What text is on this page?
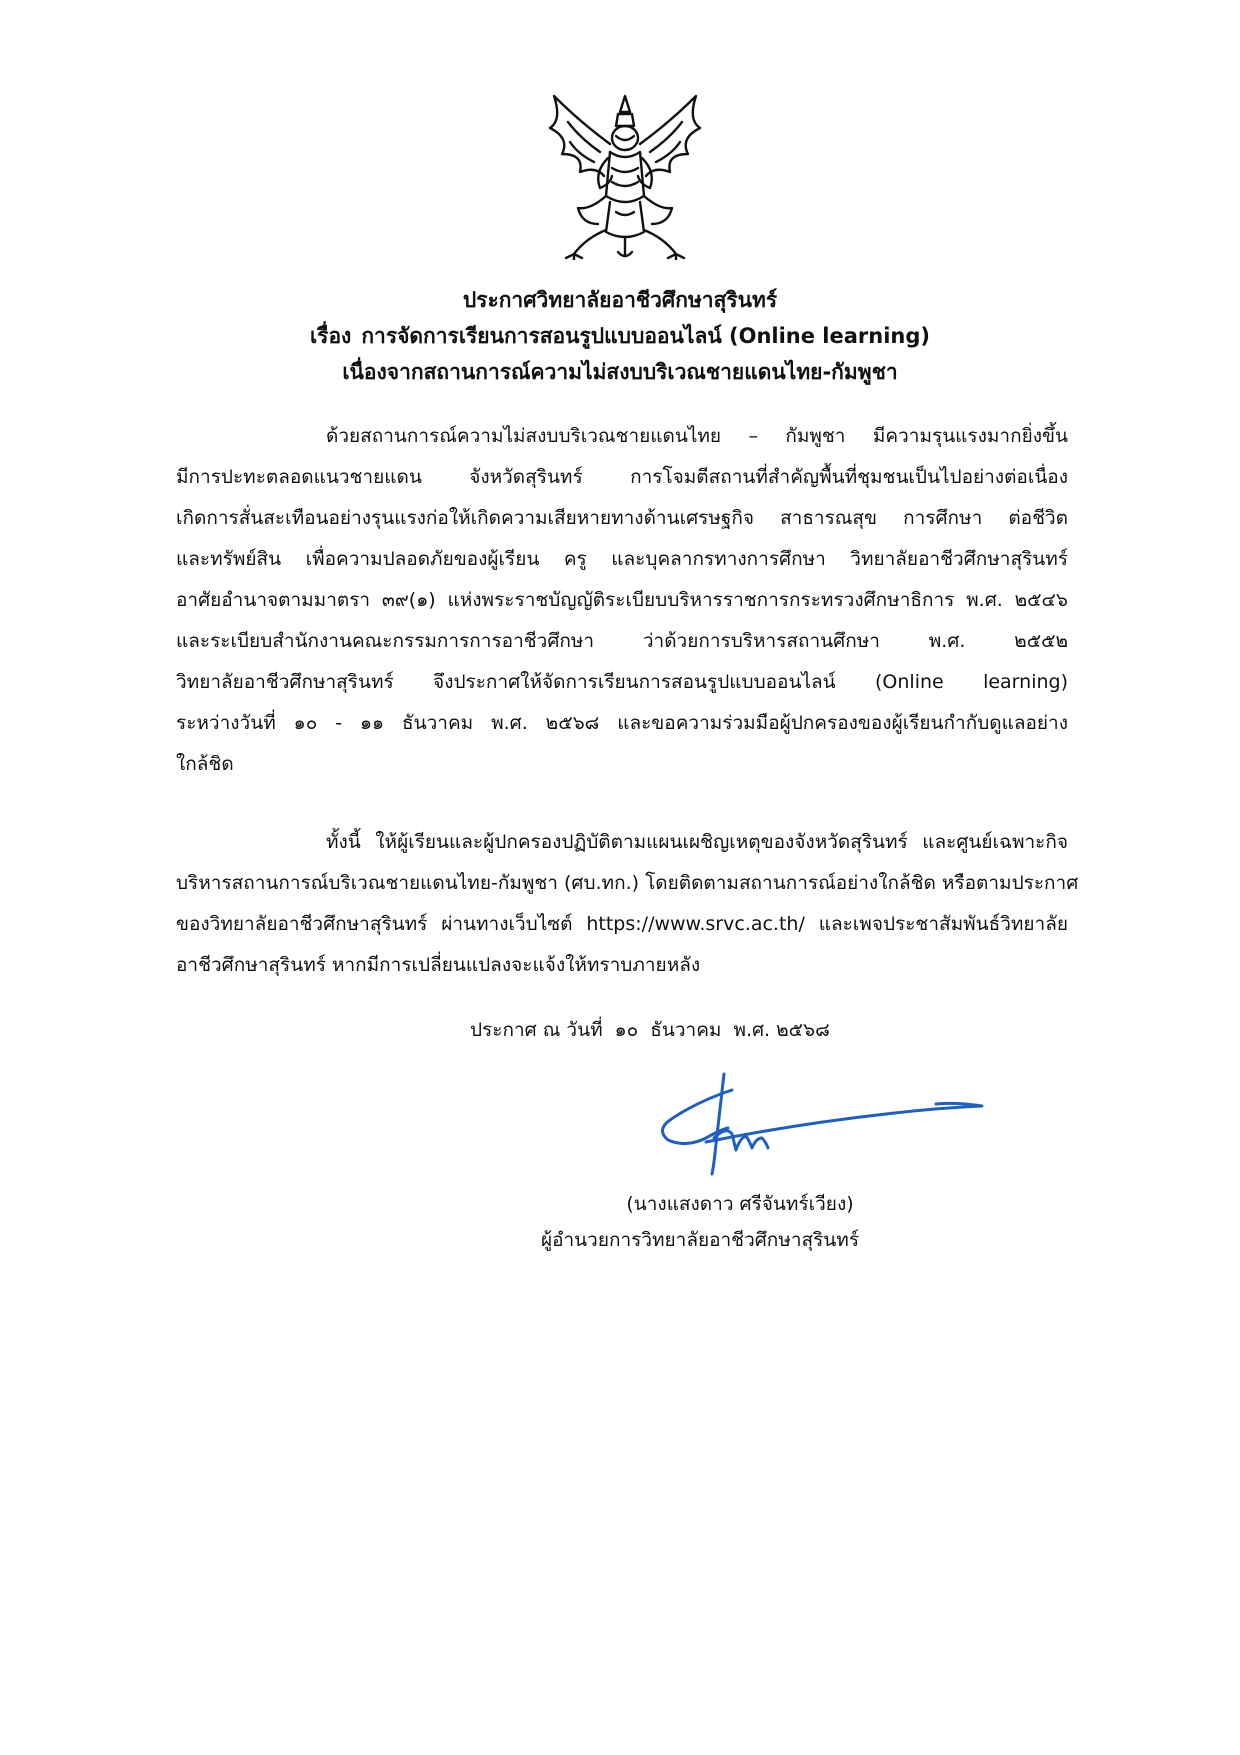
ประกาศวิทยาลัยอาชีวศึกษาสุรินทร์
เรื่อง การจัดการเรียนการสอนรูปแบบออนไลน์ (Online learning)
เนื่องจากสถานการณ์ความไม่สงบบริเวณชายแดนไทย-กัมพูชา
ด้วยสถานการณ์ความไม่สงบบริเวณชายแดนไทย – กัมพูชา มีความรุนแรงมากยิ่งขึ้น
มีการปะทะตลอดแนวชายแดน จังหวัดสุรินทร์ การโจมตีสถานที่สำคัญพื้นที่ชุมชนเป็นไปอย่างต่อเนื่อง
เกิดการสั่นสะเทือนอย่างรุนแรงก่อให้เกิดความเสียหายทางด้านเศรษฐกิจ สาธารณสุข การศึกษา ต่อชีวิต
และทรัพย์สิน เพื่อความปลอดภัยของผู้เรียน ครู และบุคลากรทางการศึกษา วิทยาลัยอาชีวศึกษาสุรินทร์
อาศัยอำนาจตามมาตรา ๓๙(๑) แห่งพระราชบัญญัติระเบียบบริหารราชการกระทรวงศึกษาธิการ พ.ศ. ๒๕๔๖
และระเบียบสำนักงานคณะกรรมการการอาชีวศึกษา ว่าด้วยการบริหารสถานศึกษา พ.ศ. ๒๕๕๒
วิทยาลัยอาชีวศึกษาสุรินทร์ จึงประกาศให้จัดการเรียนการสอนรูปแบบออนไลน์ (Online learning)
ระหว่างวันที่ ๑๐ - ๑๑ ธันวาคม พ.ศ. ๒๕๖๘ และขอความร่วมมือผู้ปกครองของผู้เรียนกำกับดูแลอย่าง
ใกล้ชิด
ทั้งนี้ ให้ผู้เรียนและผู้ปกครองปฏิบัติตามแผนเผชิญเหตุของจังหวัดสุรินทร์ และศูนย์เฉพาะกิจ
บริหารสถานการณ์บริเวณชายแดนไทย-กัมพูชา (ศบ.ทก.) โดยติดตามสถานการณ์อย่างใกล้ชิด หรือตามประกาศ
ของวิทยาลัยอาชีวศึกษาสุรินทร์ ผ่านทางเว็บไซต์ https://www.srvc.ac.th/ และเพจประชาสัมพันธ์วิทยาลัย
อาชีวศึกษาสุรินทร์ หากมีการเปลี่ยนแปลงจะแจ้งให้ทราบภายหลัง
ประกาศ ณ วันที่ ๑๐ ธันวาคม พ.ศ. ๒๕๖๘
(นางแสงดาว ศรีจันทร์เวียง)
ผู้อำนวยการวิทยาลัยอาชีวศึกษาสุรินทร์
